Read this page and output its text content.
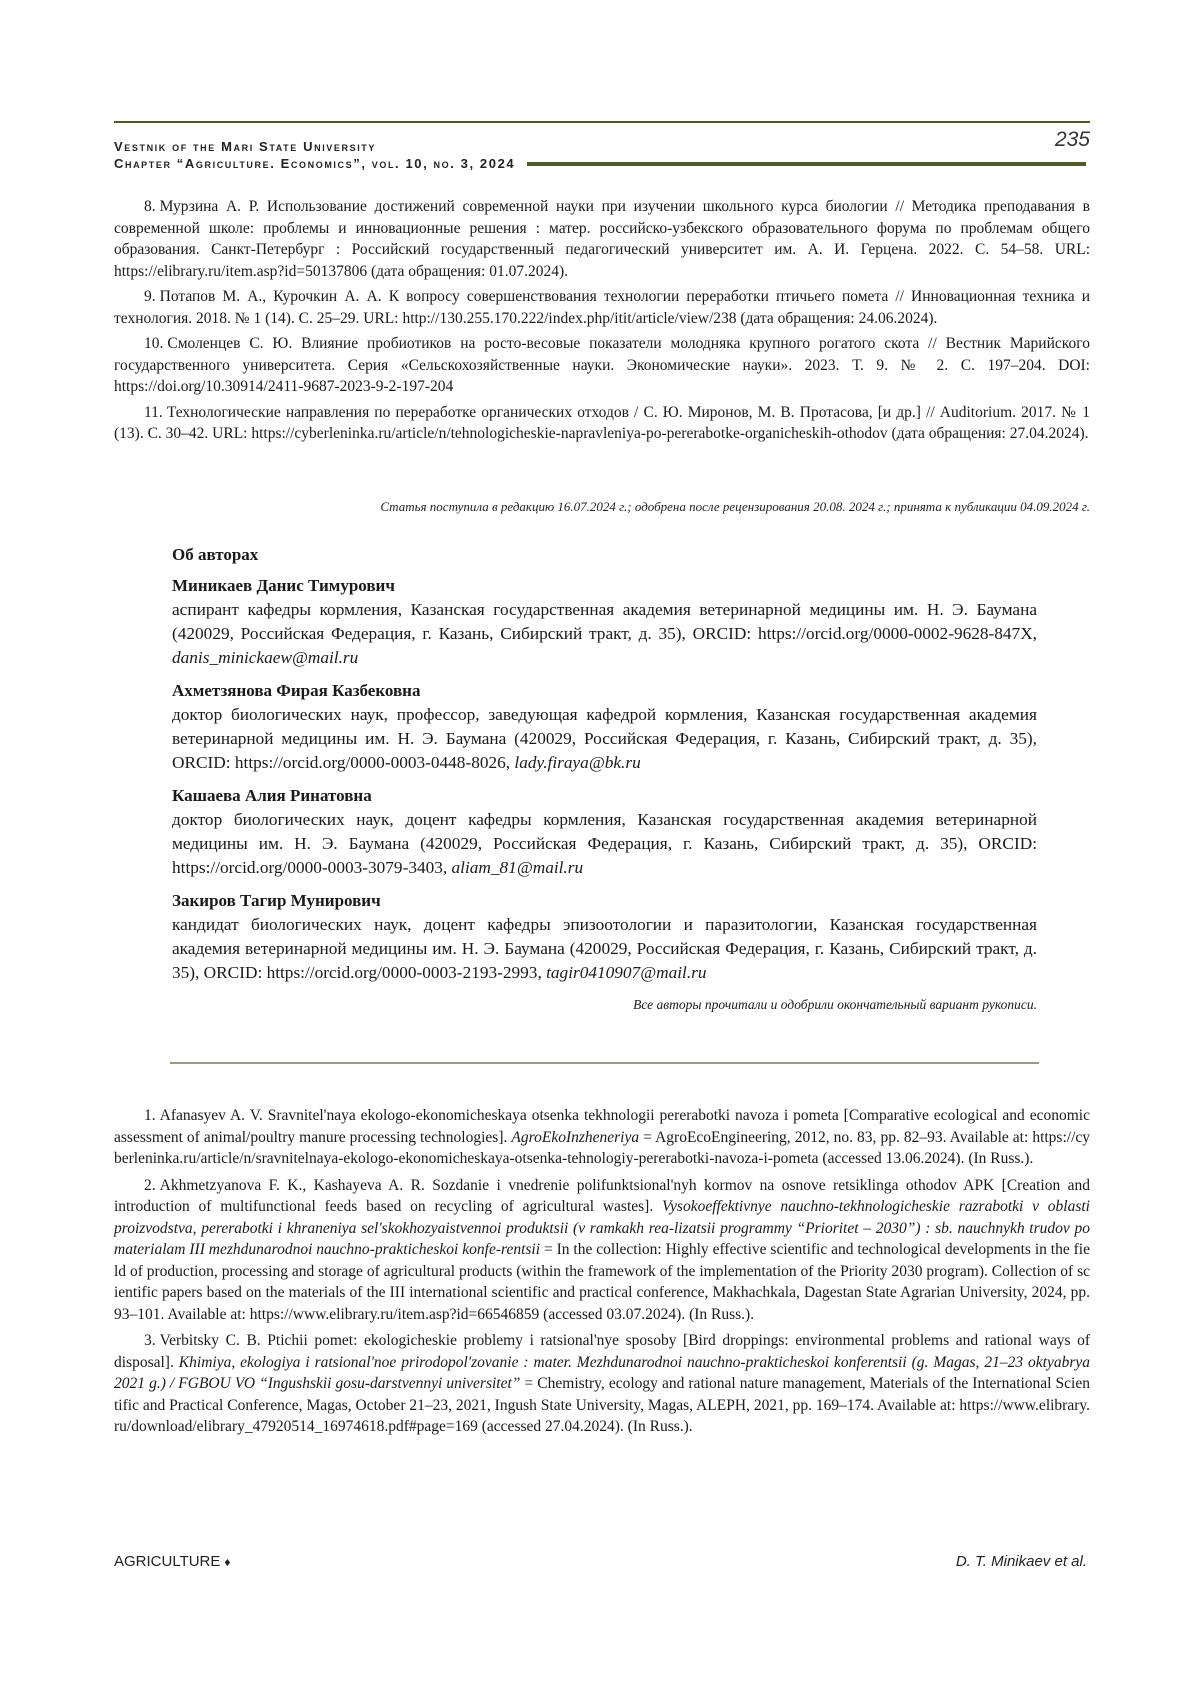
Vestnik of the Mari State University
Chapter “Agriculture. Economics”, vol. 10, no. 3, 2024
235

8. Мурзина А. Р. Использование достижений современной науки при изучении школьного курса биологии // Методика преподавания в современной школе: проблемы и инновационные решения : матер. российско-узбекского образовательного форума по проблемам общего образования. Санкт-Петербург : Российский государственный педагогический университет им. А. И. Герцена. 2022. С. 54–58. URL: https://elibrary.ru/item.asp?id=50137806 (дата обращения: 01.07.2024).

9. Потапов М. А., Курочкин А. А. К вопросу совершенствования технологии переработки птичьего помета // Инновационная техника и технология. 2018. № 1 (14). С. 25–29. URL: http://130.255.170.222/index.php/itit/article/view/238 (дата обращения: 24.06.2024).

10. Смоленцев С. Ю. Влияние пробиотиков на росто-весовые показатели молодняка крупного рогатого скота // Вестник Марийского государственного университета. Серия «Сельскохозяйственные науки. Экономические науки». 2023. Т. 9. № 2. С. 197–204. DOI: https://doi.org/10.30914/2411-9687-2023-9-2-197-204

11. Технологические направления по переработке органических отходов / С. Ю. Миронов, М. В. Протасова, [и др.] // Auditorium. 2017. № 1 (13). С. 30–42. URL: https://cyberleninka.ru/article/n/tehnologicheskie-napravleniya-po-pererabotke-organicheskih-othodov (дата обращения: 27.04.2024).

Статья поступила в редакцию 16.07.2024 г.; одобрена после рецензирования 20.08. 2024 г.; принята к публикации 04.09.2024 г.
Об авторах
Миникаев Данис Тимурович
аспирант кафедры кормления, Казанская государственная академия ветеринарной медицины им. Н. Э. Баумана (420029, Российская Федерация, г. Казань, Сибирский тракт, д. 35), ORCID: https://orcid.org/0000-0002-9628-847X, danis_minickaew@mail.ru
Ахметзянова Фирая Казбековна
доктор биологических наук, профессор, заведующая кафедрой кормления, Казанская государственная академия ветеринарной медицины им. Н. Э. Баумана (420029, Российская Федерация, г. Казань, Сибирский тракт, д. 35), ORCID: https://orcid.org/0000-0003-0448-8026, lady.firaya@bk.ru
Кашаева Алия Ринатовна
доктор биологических наук, доцент кафедры кормления, Казанская государственная академия ветеринарной медицины им. Н. Э. Баумана (420029, Российская Федерация, г. Казань, Сибирский тракт, д. 35), ORCID: https://orcid.org/0000-0003-3079-3403, aliam_81@mail.ru
Закиров Тагир Мунирович
кандидат биологических наук, доцент кафедры эпизоотологии и паразитологии, Казанская государственная академия ветеринарной медицины им. Н. Э. Баумана (420029, Российская Федерация, г. Казань, Сибирский тракт, д. 35), ORCID: https://orcid.org/0000-0003-2193-2993, tagir0410907@mail.ru
Все авторы прочитали и одобрили окончательный вариант рукописи.

1. Afanasyev A. V. Sravnitel'naya ekologo-ekonomicheskaya otsenka tekhnologii pererabotki navoza i pometa [Comparative ecological and economic assessment of animal/poultry manure processing technologies]. AgroEkoInzheneriya = AgroEcoEngineering, 2012, no. 83, pp. 82–93. Available at: https://cyberleninka.ru/article/n/sravnitelnaya-ekologo-ekonomicheskaya-otsenka-tehnologiy-pererabotki-navoza-i-pometa (accessed 13.06.2024). (In Russ.).

2. Akhmetzyanova F. K., Kashayeva A. R. Sozdanie i vnedrenie polifunktsional'nyh kormov na osnove retsiklinga othodov APK [Creation and introduction of multifunctional feeds based on recycling of agricultural wastes]. Vysokoeffektivnye nauchno-tekhnologicheskie razrabotki v oblasti proizvodstva, pererabotki i khraneniya sel'skokhozyaistvennoi produktsii (v ramkakh rea-lizatsii programmy “Prioritet – 2030”) : sb. nauchnykh trudov po materialam III mezhdunarodnoi nauchno-prakticheskoi konfe-rentsii = In the collection: Highly effective scientific and technological developments in the field of production, processing and storage of agricultural products (within the framework of the implementation of the Priority 2030 program). Collection of scientific papers based on the materials of the III international scientific and practical conference, Makhachkala, Dagestan State Agrarian University, 2024, pp. 93–101. Available at: https://www.elibrary.ru/item.asp?id=66546859 (accessed 03.07.2024). (In Russ.).

3. Verbitsky C. B. Ptichii pomet: ekologicheskie problemy i ratsional'nye sposoby [Bird droppings: environmental problems and rational ways of disposal]. Khimiya, ekologiya i ratsional'noe prirodopol'zovanie : mater. Mezhdunarodnoi nauchno-prakticheskoi konferentsii (g. Magas, 21–23 oktyabrya 2021 g.) / FGBOU VO “Ingushskii gosu-darstvennyi universitet” = Chemistry, ecology and rational nature management, Materials of the International Scientific and Practical Conference, Magas, October 21–23, 2021, Ingush State University, Magas, ALEPH, 2021, pp. 169–174. Available at: https://www.elibrary.ru/download/elibrary_47920514_16974618.pdf#page=169 (accessed 27.04.2024). (In Russ.).

AGRICULTURE ♦	D. T. Minikaev et al.
